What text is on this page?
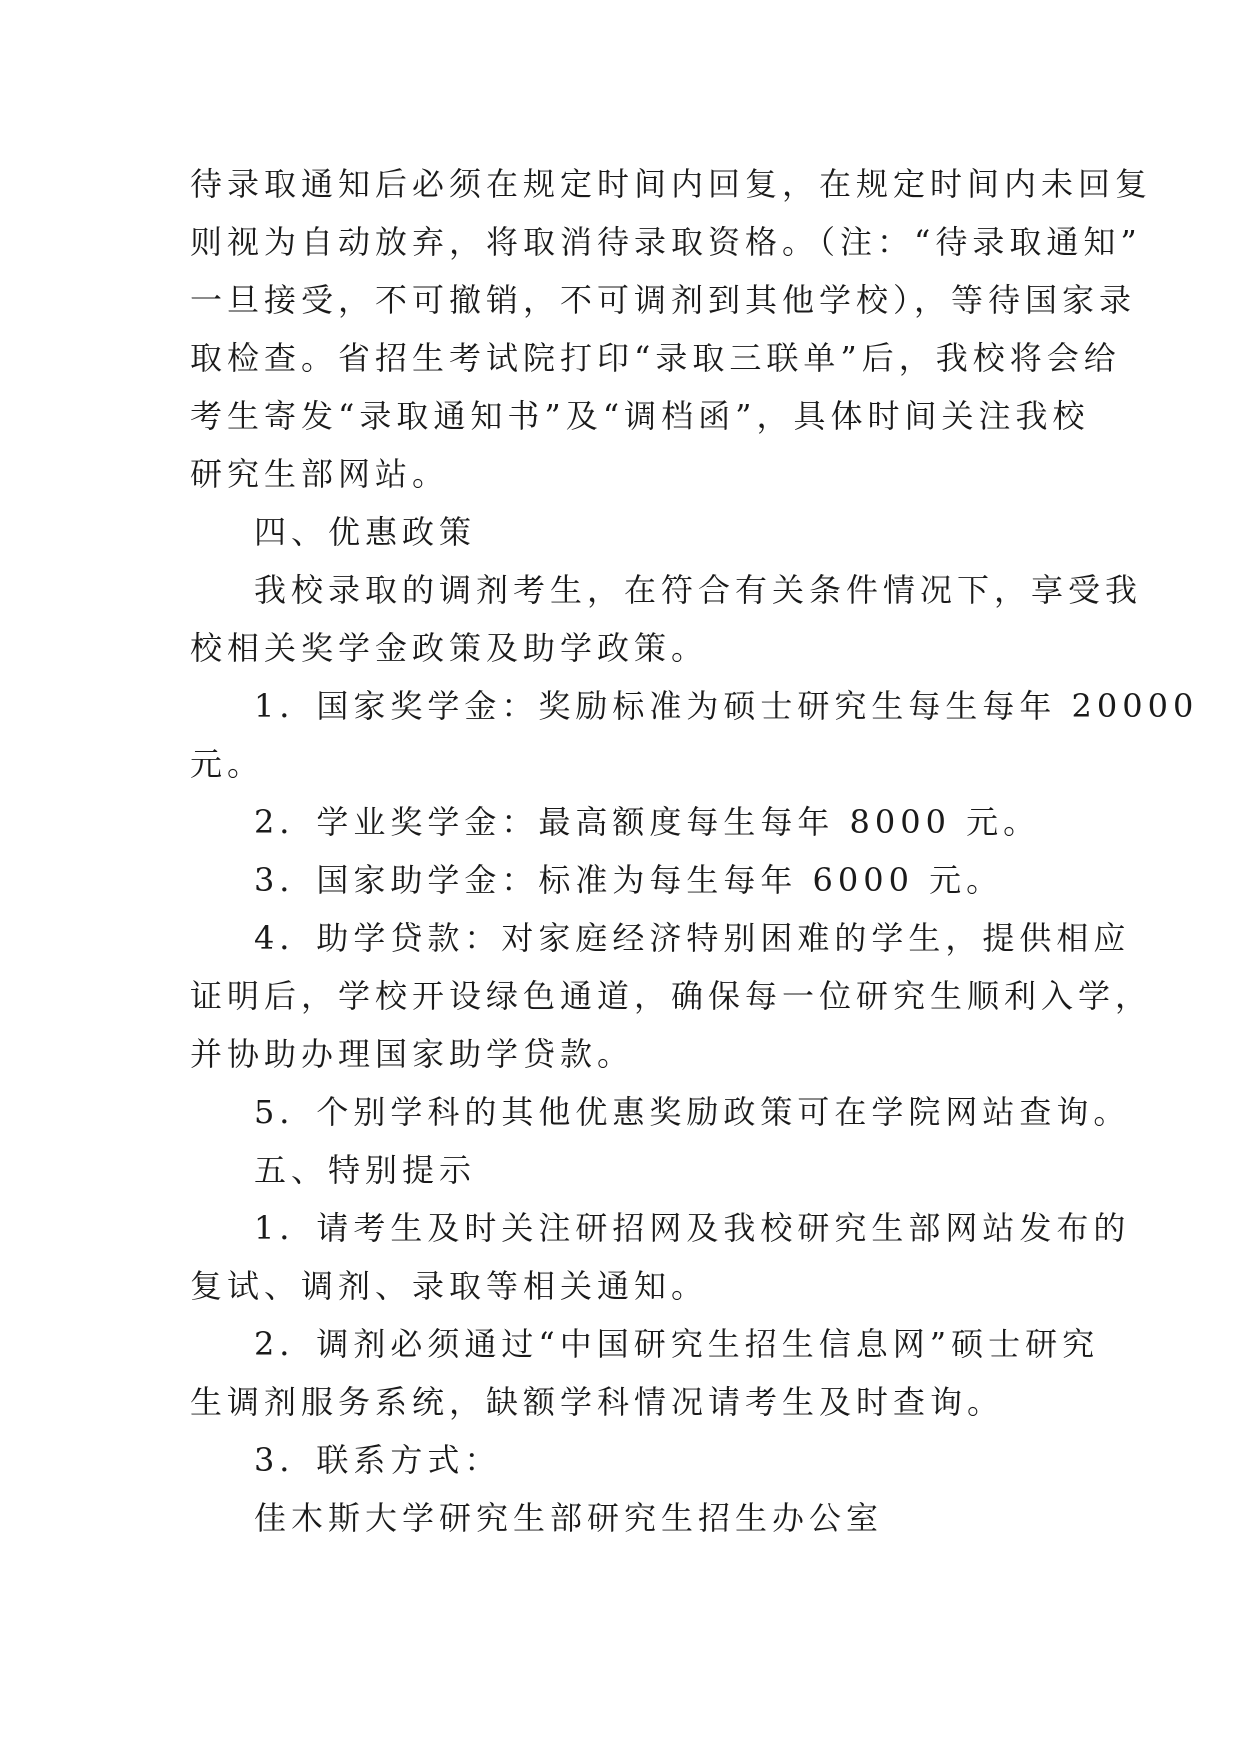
待录取通知后必须在规定时间内回复，在规定时间内未回复
则视为自动放弃，将取消待录取资格。（注：“待录取通知”
一旦接受，不可撤销，不可调剂到其他学校），等待国家录
取检查。省招生考试院打印“录取三联单”后，我校将会给
考生寄发“录取通知书”及“调档函”，具体时间关注我校
研究生部网站。
四、优惠政策
我校录取的调剂考生，在符合有关条件情况下，享受我
校相关奖学金政策及助学政策。
1．国家奖学金：奖励标准为硕士研究生每生每年 20000
元。
2．学业奖学金：最高额度每生每年 8000 元。
3．国家助学金：标准为每生每年 6000 元。
4．助学贷款：对家庭经济特别困难的学生，提供相应
证明后，学校开设绿色通道，确保每一位研究生顺利入学，
并协助办理国家助学贷款。
5．个别学科的其他优惠奖励政策可在学院网站查询。
五、特别提示
1．请考生及时关注研招网及我校研究生部网站发布的
复试、调剂、录取等相关通知。
2．调剂必须通过“中国研究生招生信息网”硕士研究
生调剂服务系统，缺额学科情况请考生及时查询。
3．联系方式：
佳木斯大学研究生部研究生招生办公室
